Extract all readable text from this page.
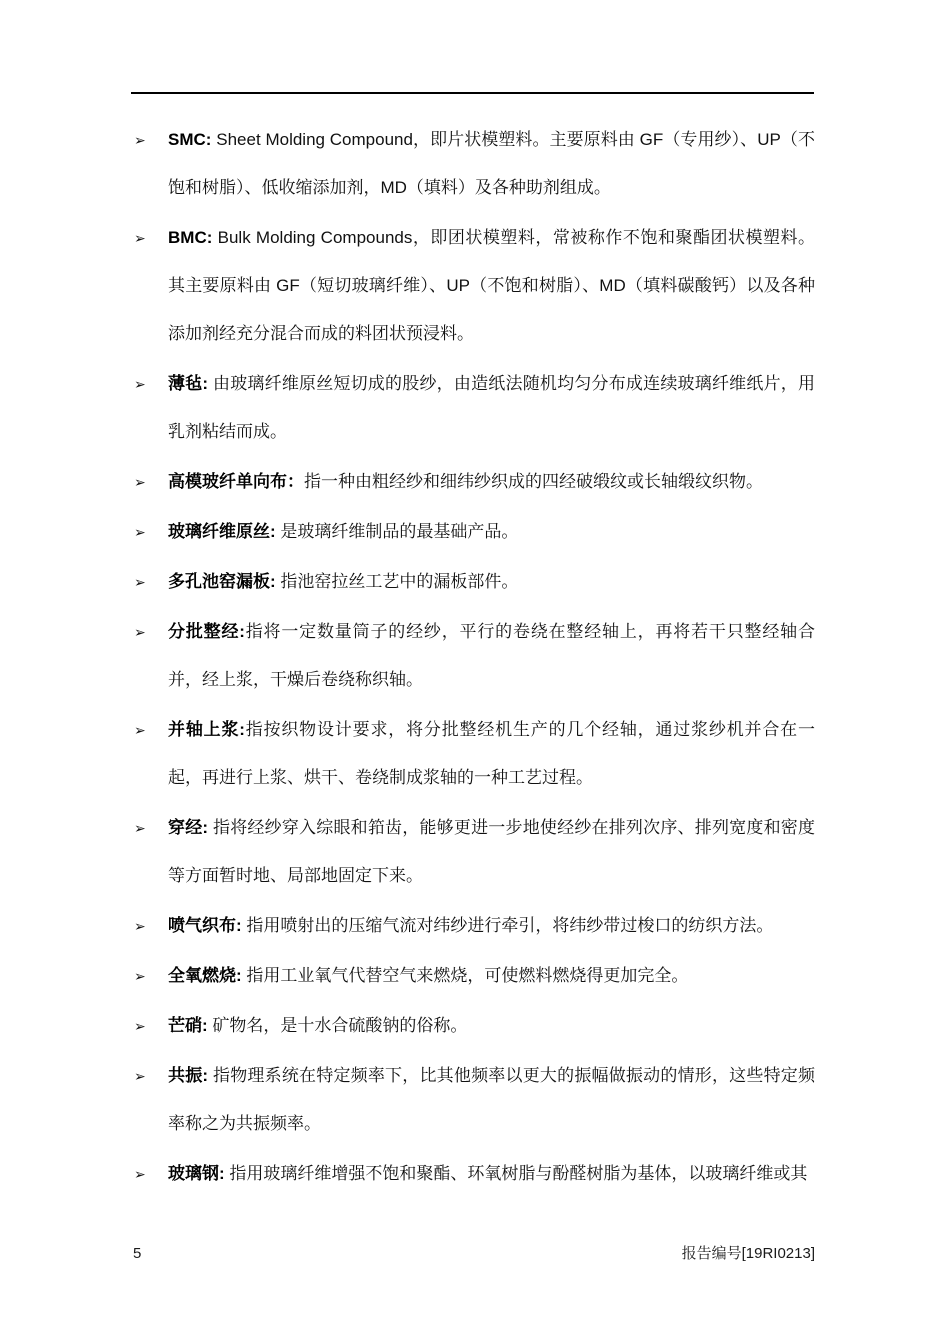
➢ SMC: Sheet Molding Compound，即片状模塑料。主要原料由 GF（专用纱）、UP（不饱和树脂）、低收缩添加剂，MD（填料）及各种助剂组成。
➢ BMC: Bulk Molding Compounds，即团状模塑料，常被称作不饱和聚酯团状模塑料。其主要原料由 GF（短切玻璃纤维）、UP（不饱和树脂）、MD（填料碳酸钙）以及各种添加剂经充分混合而成的料团状预浸料。
➢ 薄毡: 由玻璃纤维原丝短切成的股纱，由造纸法随机均匀分布成连续玻璃纤维纸片，用乳剂粘结而成。
➢ 高模玻纤单向布：指一种由粗经纱和细纬纱织成的四经破缎纹或长轴缎纹织物。
➢ 玻璃纤维原丝: 是玻璃纤维制品的最基础产品。
➢ 多孔池窑漏板: 指池窑拉丝工艺中的漏板部件。
➢ 分批整经:指将一定数量筒子的经纱，平行的卷绕在整经轴上，再将若干只整经轴合并，经上浆，干燥后卷绕称织轴。
➢ 并轴上浆:指按织物设计要求，将分批整经机生产的几个经轴，通过浆纱机并合在一起，再进行上浆、烘干、卷绕制成浆轴的一种工艺过程。
➢ 穿经: 指将经纱穿入综眼和筘齿，能够更进一步地使经纱在排列次序、排列宽度和密度等方面暂时地、局部地固定下来。
➢ 喷气织布: 指用喷射出的压缩气流对纬纱进行牵引，将纬纱带过梭口的纺织方法。
➢ 全氧燃烧: 指用工业氧气代替空气来燃烧，可使燃料燃烧得更加完全。
➢ 芒硝: 矿物名，是十水合硫酸钠的俗称。
➢ 共振: 指物理系统在特定频率下，比其他频率以更大的振幅做振动的情形，这些特定频率称之为共振频率。
➢ 玻璃钢: 指用玻璃纤维增强不饱和聚酯、环氧树脂与酚醛树脂为基体，以玻璃纤维或其
5	报告编号[19RI0213]
